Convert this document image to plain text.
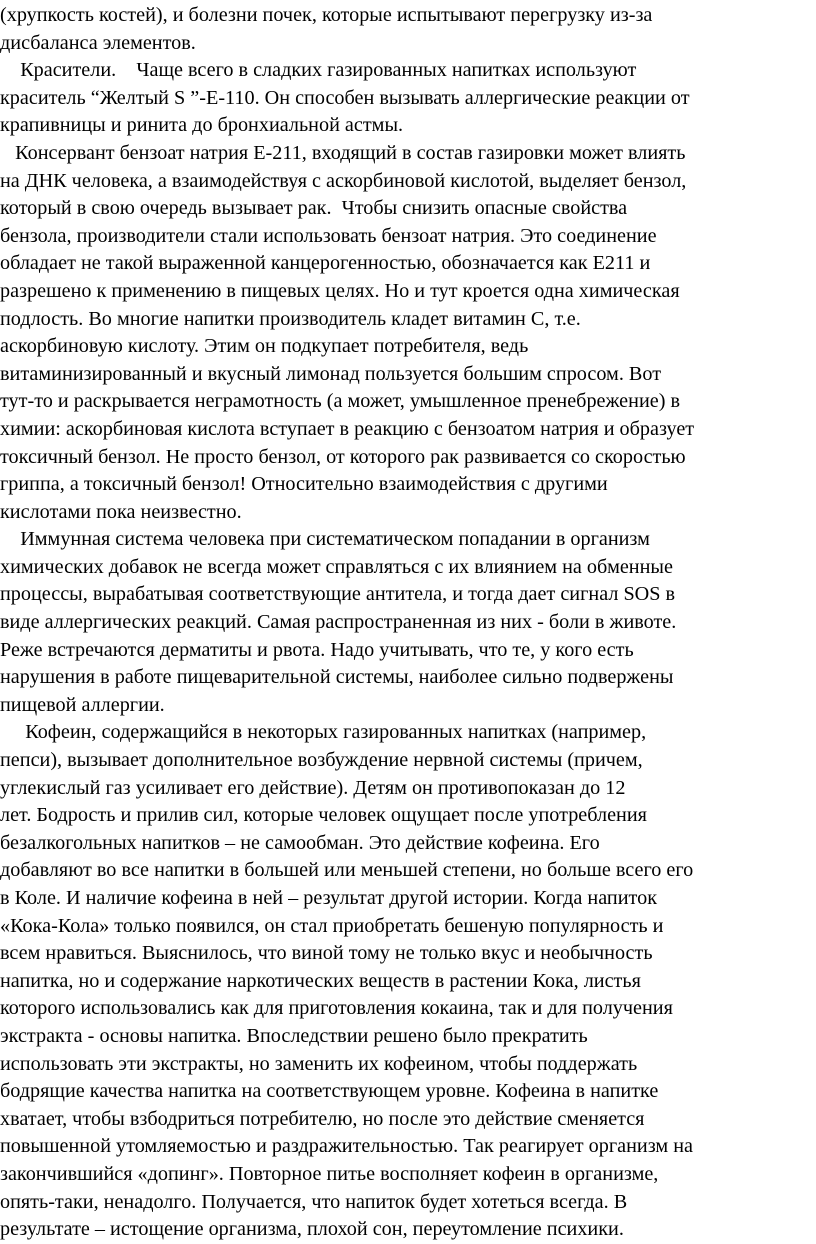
(хрупкость костей), и болезни почек, которые испытывают перегрузку из-за
дисбаланса элементов.
Красители.    Чаще всего в сладких газированных напитках используют
краситель “Желтый S ”-Е-110. Он способен вызывать аллергические реакции от
крапивницы и ринита до бронхиальной астмы.
Консервант бензоат натрия Е-211, входящий в состав газировки может влиять
на ДНК человека, а взаимодействуя с аскорбиновой кислотой, выделяет бензол,
который в свою очередь вызывает рак.  Чтобы снизить опасные свойства
бензола, производители стали использовать бензоат натрия. Это соединение
обладает не такой выраженной канцерогенностью, обозначается как Е211 и
разрешено к применению в пищевых целях. Но и тут кроется одна химическая
подлость. Во многие напитки производитель кладет витамин С, т.е.
аскорбиновую кислоту. Этим он подкупает потребителя, ведь
витаминизированный и вкусный лимонад пользуется большим спросом. Вот
тут-то и раскрывается неграмотность (а может, умышленное пренебрежение) в
химии: аскорбиновая кислота вступает в реакцию с бензоатом натрия и образует
токсичный бензол. Не просто бензол, от которого рак развивается со скоростью
гриппа, а токсичный бензол! Относительно взаимодействия с другими
кислотами пока неизвестно.
Иммунная система человека при систематическом попадании в организм
химических добавок не всегда может справляться с их влиянием на обменные
процессы, вырабатывая соответствующие антитела, и тогда дает сигнал SOS в
виде аллергических реакций. Самая распространенная из них - боли в животе.
Реже встречаются дерматиты и рвота. Надо учитывать, что те, у кого есть
нарушения в работе пищеварительной системы, наиболее сильно подвержены
пищевой аллергии.
Кофеин, содержащийся в некоторых газированных напитках (например,
пепси), вызывает дополнительное возбуждение нервной системы (причем,
углекислый газ усиливает его действие). Детям он противопоказан до 12
лет. Бодрость и прилив сил, которые человек ощущает после употребления
безалкогольных напитков – не самообман. Это действие кофеина. Его
добавляют во все напитки в большей или меньшей степени, но больше всего его
в Коле. И наличие кофеина в ней – результат другой истории. Когда напиток
«Кока-Кола» только появился, он стал приобретать бешеную популярность и
всем нравиться. Выяснилось, что виной тому не только вкус и необычность
напитка, но и содержание наркотических веществ в растении Кока, листья
которого использовались как для приготовления кокаина, так и для получения
экстракта - основы напитка. Впоследствии решено было прекратить
использовать эти экстракты, но заменить их кофеином, чтобы поддержать
бодрящие качества напитка на соответствующем уровне. Кофеина в напитке
хватает, чтобы взбодриться потребителю, но после это действие сменяется
повышенной утомляемостью и раздражительностью. Так реагирует организм на
закончившийся «допинг». Повторное питье восполняет кофеин в организме,
опять-таки, ненадолго. Получается, что напиток будет хотеться всегда. В
результате – истощение организма, плохой сон, переутомление психики.
